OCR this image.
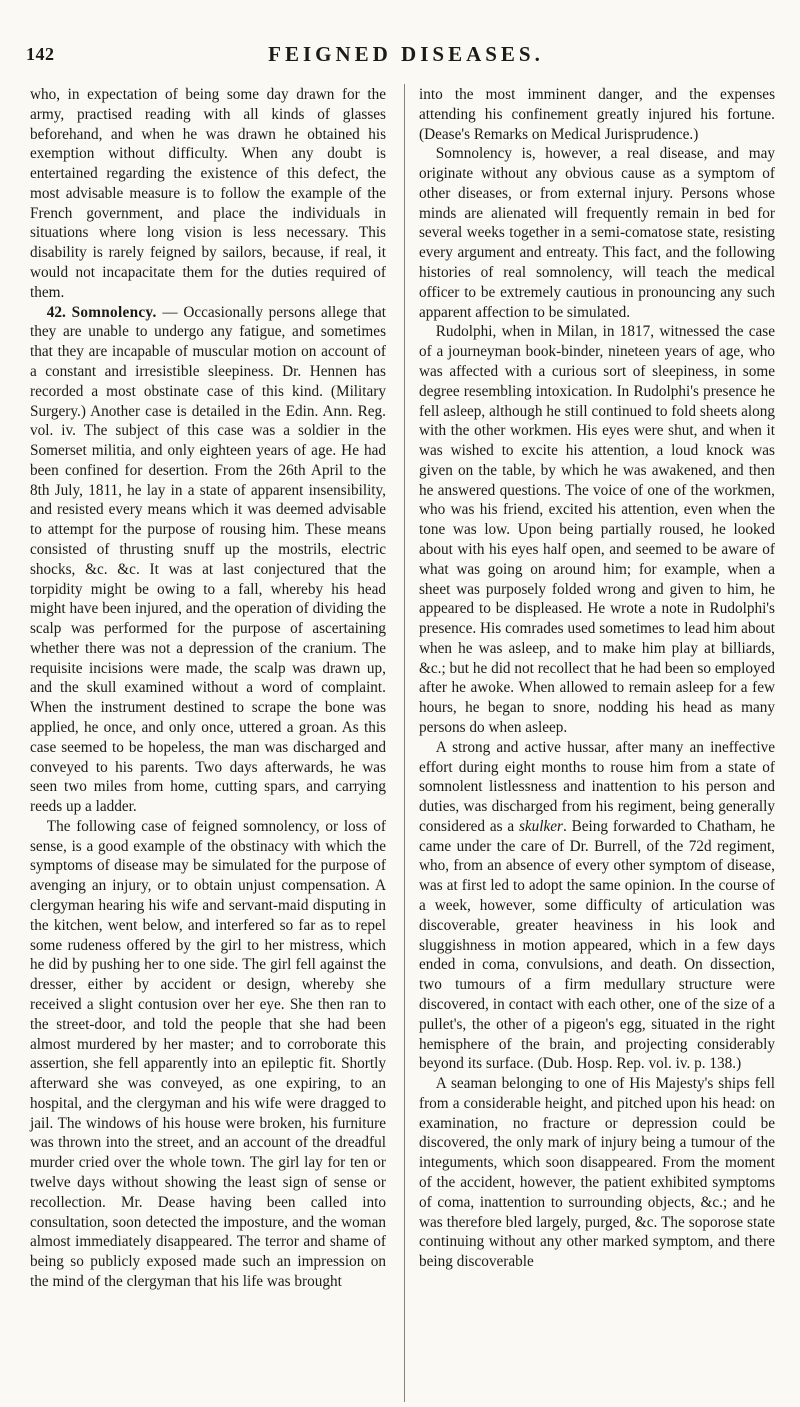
142	FEIGNED DISEASES.

who, in expectation of being some day drawn for the army, practised reading with all kinds of glasses beforehand, and when he was drawn he obtained his exemption without difficulty. When any doubt is entertained regarding the existence of this defect, the most advisable measure is to follow the example of the French government, and place the individuals in situations where long vision is less necessary. This disability is rarely feigned by sailors, because, if real, it would not incapacitate them for the duties required of them.

42. Somnolency. — Occasionally persons allege that they are unable to undergo any fatigue, and sometimes that they are incapable of muscular motion on account of a constant and irresistible sleepiness. Dr. Hennen has recorded a most obstinate case of this kind. (Military Surgery.) Another case is detailed in the Edin. Ann. Reg. vol. iv. The subject of this case was a soldier in the Somerset militia, and only eighteen years of age. He had been confined for desertion. From the 26th April to the 8th July, 1811, he lay in a state of apparent insensibility, and resisted every means which it was deemed advisable to attempt for the purpose of rousing him. These means consisted of thrusting snuff up the mostrils, electric shocks, &c. &c. It was at last conjectured that the torpidity might be owing to a fall, whereby his head might have been injured, and the operation of dividing the scalp was performed for the purpose of ascertaining whether there was not a depression of the cranium. The requisite incisions were made, the scalp was drawn up, and the skull examined without a word of complaint. When the instrument destined to scrape the bone was applied, he once, and only once, uttered a groan. As this case seemed to be hopeless, the man was discharged and conveyed to his parents. Two days afterwards, he was seen two miles from home, cutting spars, and carrying reeds up a ladder.

The following case of feigned somnolency, or loss of sense, is a good example of the obstinacy with which the symptoms of disease may be simulated for the purpose of avenging an injury, or to obtain unjust compensation. A clergyman hearing his wife and servant-maid disputing in the kitchen, went below, and interfered so far as to repel some rudeness offered by the girl to her mistress, which he did by pushing her to one side. The girl fell against the dresser, either by accident or design, whereby she received a slight contusion over her eye. She then ran to the street-door, and told the people that she had been almost murdered by her master; and to corroborate this assertion, she fell apparently into an epileptic fit. Shortly afterward she was conveyed, as one expiring, to an hospital, and the clergyman and his wife were dragged to jail. The windows of his house were broken, his furniture was thrown into the street, and an account of the dreadful murder cried over the whole town. The girl lay for ten or twelve days without showing the least sign of sense or recollection. Mr. Dease having been called into consultation, soon detected the imposture, and the woman almost immediately disappeared. The terror and shame of being so publicly exposed made such an impression on the mind of the clergyman that his life was brought

into the most imminent danger, and the expenses attending his confinement greatly injured his fortune. (Dease's Remarks on Medical Jurisprudence.)

Somnolency is, however, a real disease, and may originate without any obvious cause as a symptom of other diseases, or from external injury. Persons whose minds are alienated will frequently remain in bed for several weeks together in a semi-comatose state, resisting every argument and entreaty. This fact, and the following histories of real somnolency, will teach the medical officer to be extremely cautious in pronouncing any such apparent affection to be simulated.

Rudolphi, when in Milan, in 1817, witnessed the case of a journeyman book-binder, nineteen years of age, who was affected with a curious sort of sleepiness, in some degree resembling intoxication. In Rudolphi's presence he fell asleep, although he still continued to fold sheets along with the other workmen. His eyes were shut, and when it was wished to excite his attention, a loud knock was given on the table, by which he was awakened, and then he answered questions. The voice of one of the workmen, who was his friend, excited his attention, even when the tone was low. Upon being partially roused, he looked about with his eyes half open, and seemed to be aware of what was going on around him; for example, when a sheet was purposely folded wrong and given to him, he appeared to be displeased. He wrote a note in Rudolphi's presence. His comrades used sometimes to lead him about when he was asleep, and to make him play at billiards, &c.; but he did not recollect that he had been so employed after he awoke. When allowed to remain asleep for a few hours, he began to snore, nodding his head as many persons do when asleep.

A strong and active hussar, after many an ineffective effort during eight months to rouse him from a state of somnolent listlessness and inattention to his person and duties, was discharged from his regiment, being generally considered as a skulker. Being forwarded to Chatham, he came under the care of Dr. Burrell, of the 72d regiment, who, from an absence of every other symptom of disease, was at first led to adopt the same opinion. In the course of a week, however, some difficulty of articulation was discoverable, greater heaviness in his look and sluggishness in motion appeared, which in a few days ended in coma, convulsions, and death. On dissection, two tumours of a firm medullary structure were discovered, in contact with each other, one of the size of a pullet's, the other of a pigeon's egg, situated in the right hemisphere of the brain, and projecting considerably beyond its surface. (Dub. Hosp. Rep. vol. iv. p. 138.)

A seaman belonging to one of His Majesty's ships fell from a considerable height, and pitched upon his head: on examination, no fracture or depression could be discovered, the only mark of injury being a tumour of the integuments, which soon disappeared. From the moment of the accident, however, the patient exhibited symptoms of coma, inattention to surrounding objects, &c.; and he was therefore bled largely, purged, &c. The soporose state continuing without any other marked symptom, and there being discoverable
